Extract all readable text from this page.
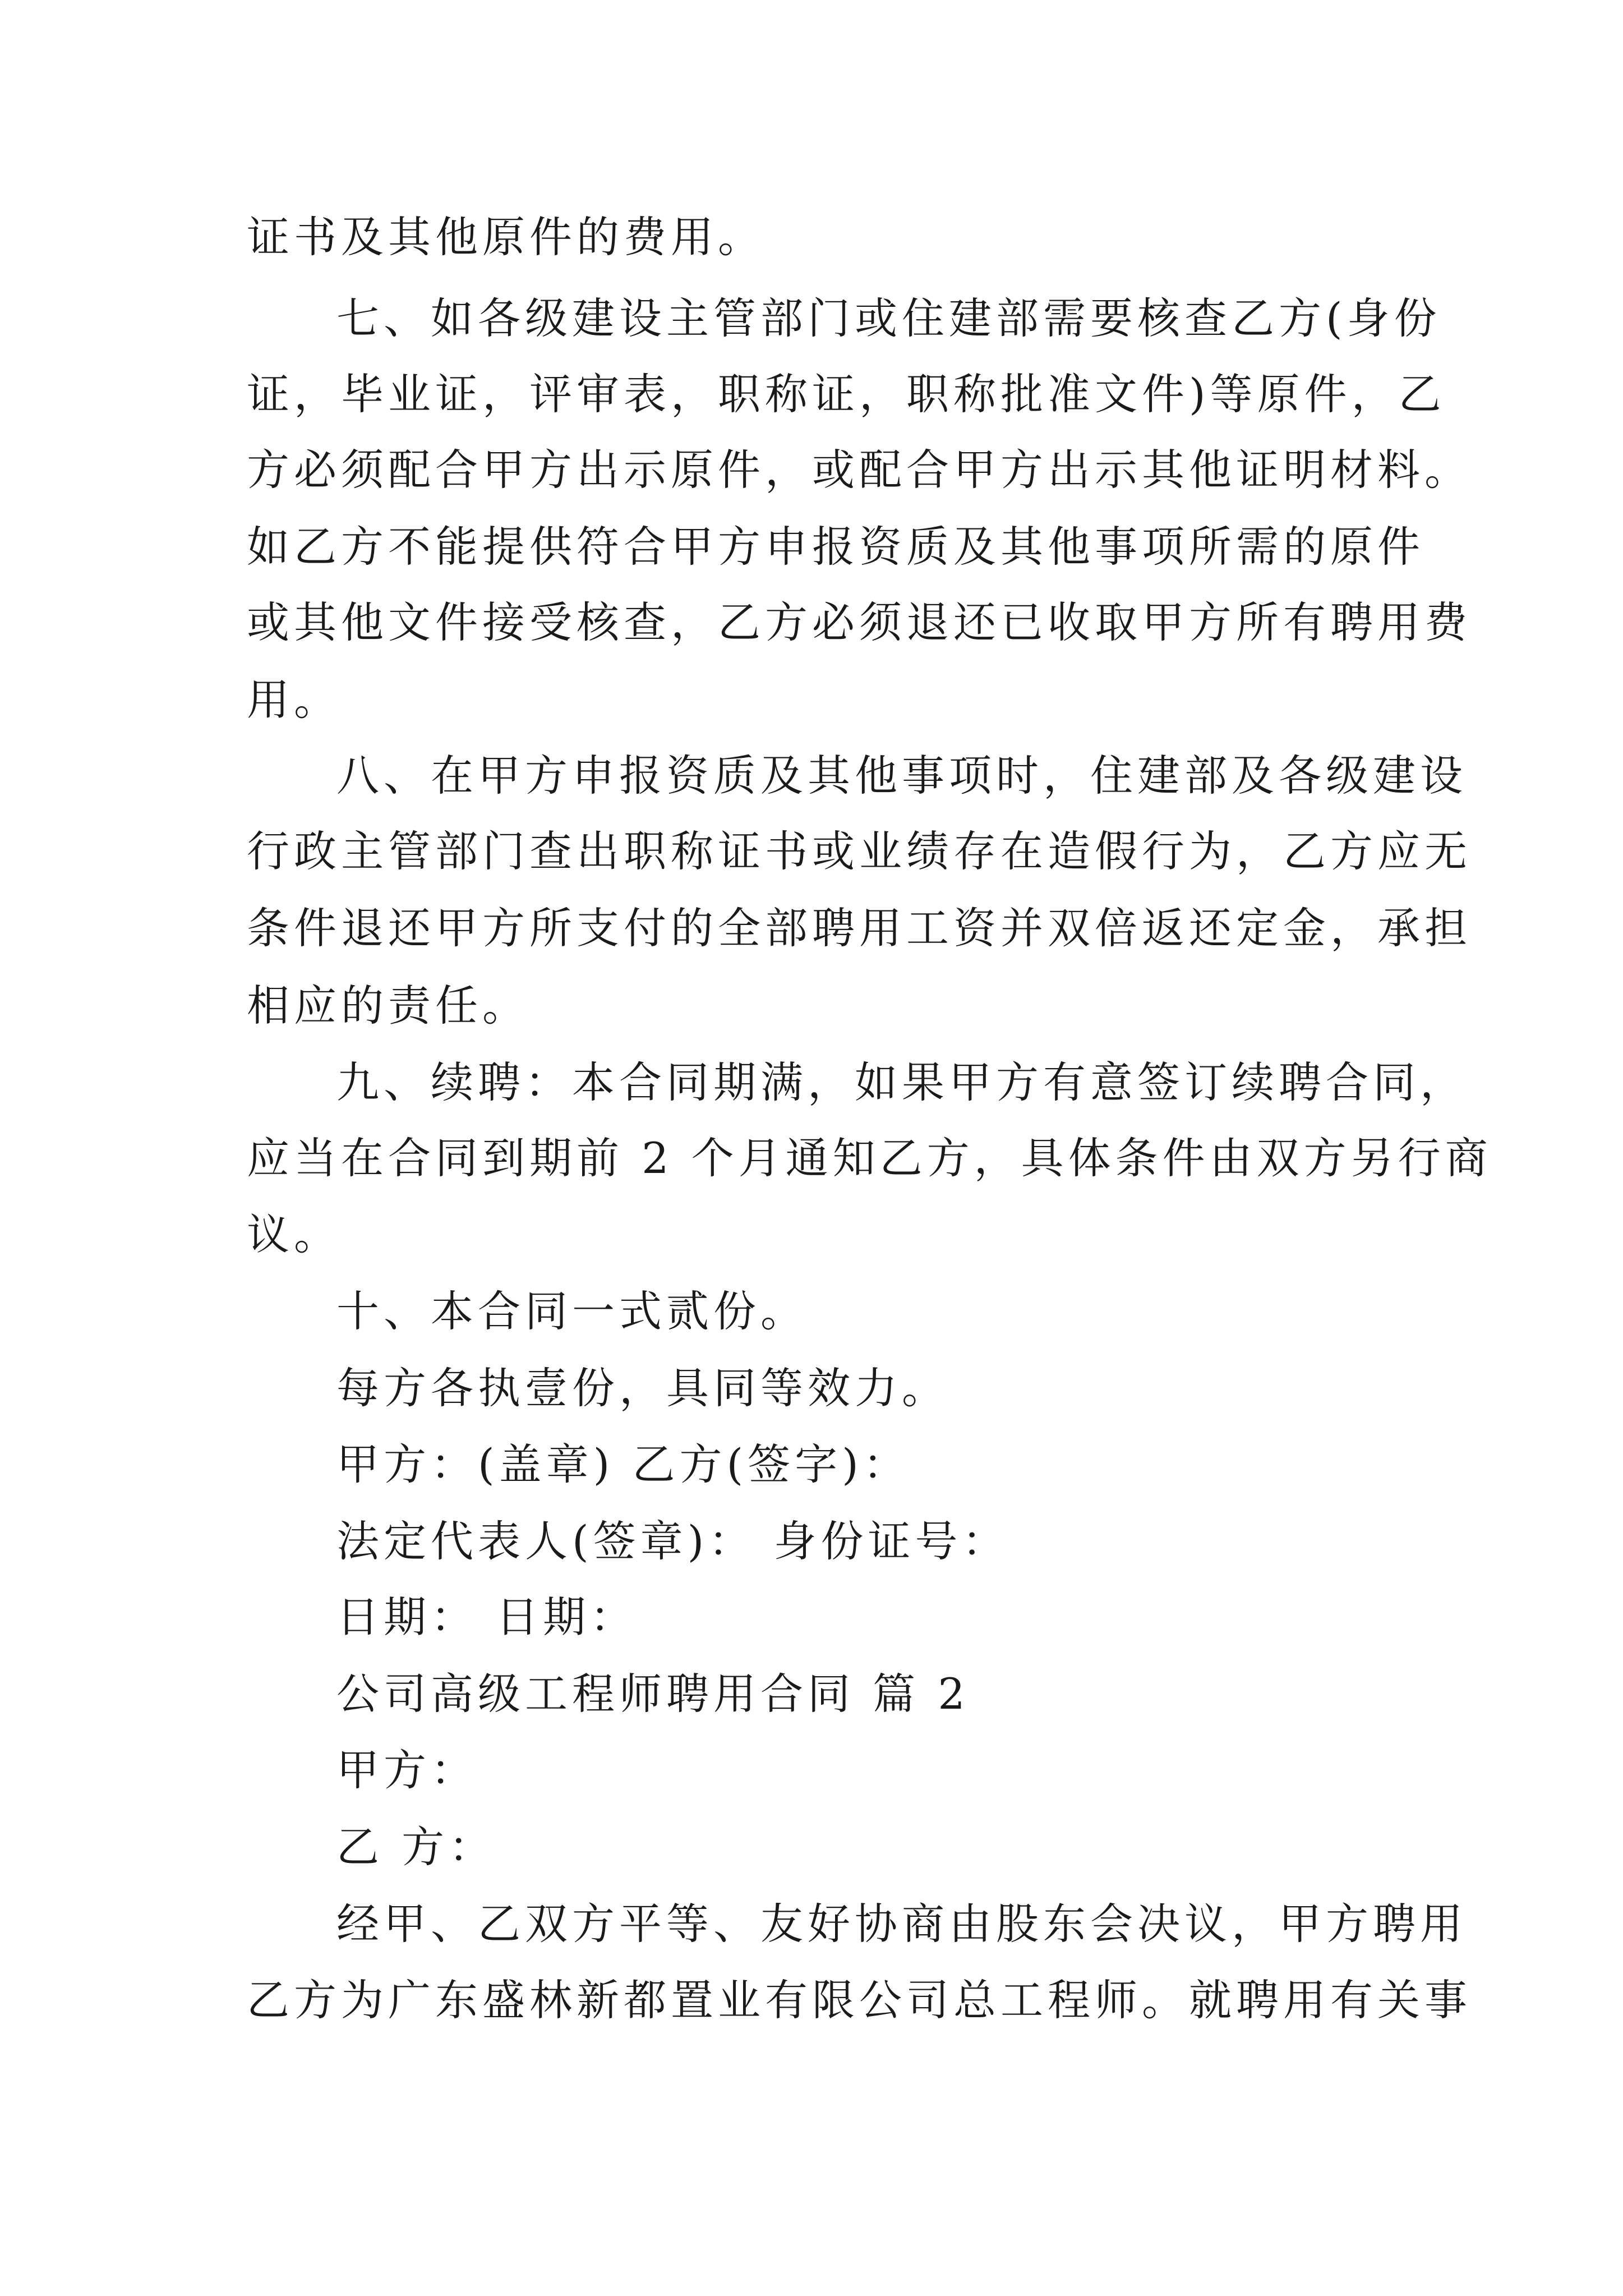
证书及其他原件的费用。
七、如各级建设主管部门或住建部需要核查乙方(身份
证，毕业证，评审表，职称证，职称批准文件)等原件，乙
方必须配合甲方出示原件，或配合甲方出示其他证明材料。
如乙方不能提供符合甲方申报资质及其他事项所需的原件
或其他文件接受核查，乙方必须退还已收取甲方所有聘用费
用。
八、在甲方申报资质及其他事项时，住建部及各级建设
行政主管部门查出职称证书或业绩存在造假行为，乙方应无
条件退还甲方所支付的全部聘用工资并双倍返还定金，承担
相应的责任。
九、续聘：本合同期满，如果甲方有意签订续聘合同，
应当在合同到期前 2 个月通知乙方，具体条件由双方另行商
议。
十、本合同一式贰份。
每方各执壹份，具同等效力。
甲方：(盖章) 乙方(签字)：
法定代表人(签章)： 身份证号：
日期： 日期：
公司高级工程师聘用合同 篇 2
甲方：
乙 方：
经甲、乙双方平等、友好协商由股东会决议，甲方聘用
乙方为广东盛林新都置业有限公司总工程师。就聘用有关事
